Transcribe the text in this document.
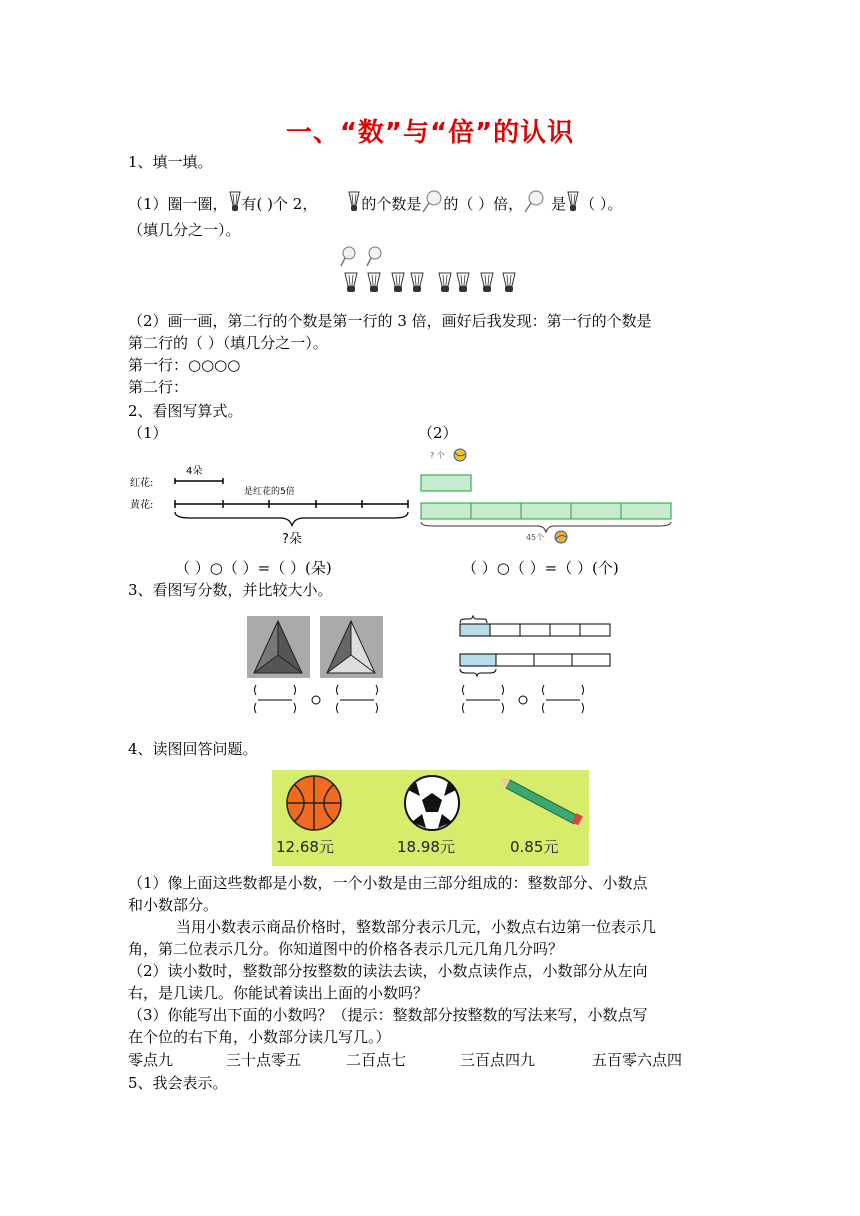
一、“数”与“倍”的认识
1、填一填。
（1）圈一圈， 有( )个 2，	的个数是 的（ ）倍， 是 （ ）。
（填几分之一）。
（2）画一画，第二行的个数是第一行的 3 倍，画好后我发现：第一行的个数是
第二行的（ ）（填几分之一）。
第一行：○○○○
第二行：
2、看图写算式。
（1）	（2）
红花:
黄花:
4朵
是红花的5倍
?朵
? 个
45个
（ ）○（ ）=（ ）(朵)	（ ）○（ ）=（ ）(个)
3、看图写分数，并比较大小。
4、读图回答问题。
12.68元	18.98元	0.85元
（1）像上面这些数都是小数，一个小数是由三部分组成的：整数部分、小数点
和小数部分。
当用小数表示商品价格时，整数部分表示几元，小数点右边第一位表示几
角，第二位表示几分。你知道图中的价格各表示几元几角几分吗？
（2）读小数时，整数部分按整数的读法去读，小数点读作点，小数部分从左向
右，是几读几。你能试着读出上面的小数吗？
（3）你能写出下面的小数吗？（提示：整数部分按整数的写法来写，小数点写
在个位的右下角，小数部分读几写几。）
零点九	三十点零五	二百点七	三百点四九	五百零六点四
5、我会表示。
